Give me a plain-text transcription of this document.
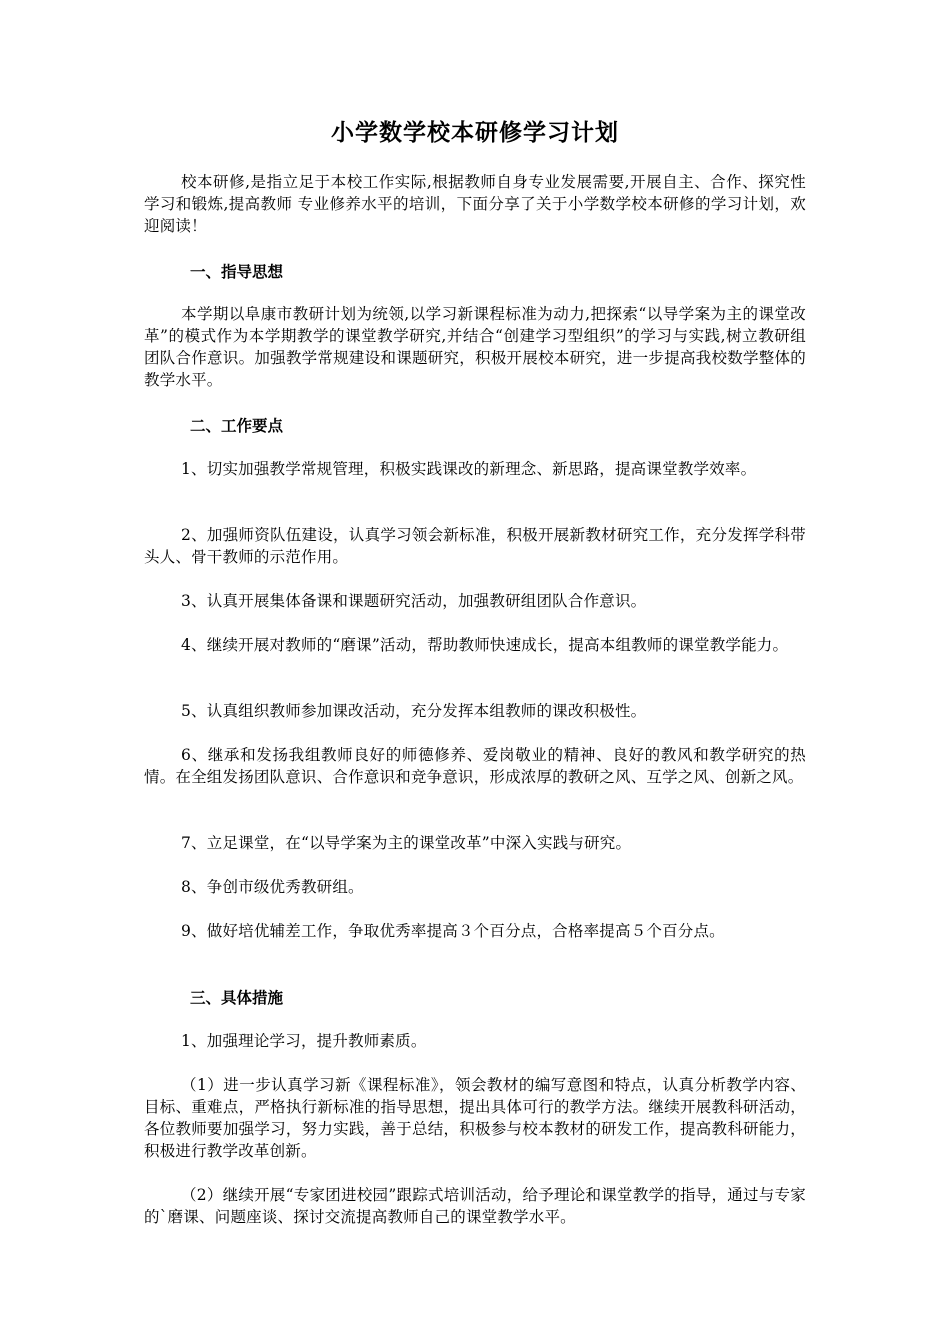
小学数学校本研修学习计划

校本研修,是指立足于本校工作实际,根据教师自身专业发展需要,开展自主、合作、探究性学习和锻炼,提高教师 专业修养水平的培训，下面分享了关于小学数学校本研修的学习计划，欢迎阅读！

一、指导思想

本学期以阜康市教研计划为统领,以学习新课程标准为动力,把探索“以导学案为主的课堂改革”的模式作为本学期教学的课堂教学研究,并结合“创建学习型组织”的学习与实践,树立教研组团队合作意识。加强教学常规建设和课题研究，积极开展校本研究，进一步提高我校数学整体的教学水平。

二、工作要点

1、切实加强教学常规管理，积极实践课改的新理念、新思路，提高课堂教学效率。

2、加强师资队伍建设，认真学习领会新标准，积极开展新教材研究工作，充分发挥学科带头人、骨干教师的示范作用。

3、认真开展集体备课和课题研究活动，加强教研组团队合作意识。

4、继续开展对教师的“磨课”活动，帮助教师快速成长，提高本组教师的课堂教学能力。

5、认真组织教师参加课改活动，充分发挥本组教师的课改积极性。

6、继承和发扬我组教师良好的师德修养、爱岗敬业的精神、良好的教风和教学研究的热情。在全组发扬团队意识、合作意识和竞争意识，形成浓厚的教研之风、互学之风、创新之风。

7、立足课堂，在“以导学案为主的课堂改革”中深入实践与研究。

8、争创市级优秀教研组。

9、做好培优辅差工作，争取优秀率提高３个百分点，合格率提高５个百分点。

三、具体措施

1、加强理论学习，提升教师素质。

（1）进一步认真学习新《课程标准》，领会教材的编写意图和特点，认真分析教学内容、目标、重难点，严格执行新标准的指导思想，提出具体可行的教学方法。继续开展教科研活动，各位教师要加强学习，努力实践，善于总结，积极参与校本教材的研发工作，提高教科研能力，积极进行教学改革创新。

（2）继续开展“专家团进校园”跟踪式培训活动，给予理论和课堂教学的指导，通过与专家的`磨课、问题座谈、探讨交流提高教师自己的课堂教学水平。
